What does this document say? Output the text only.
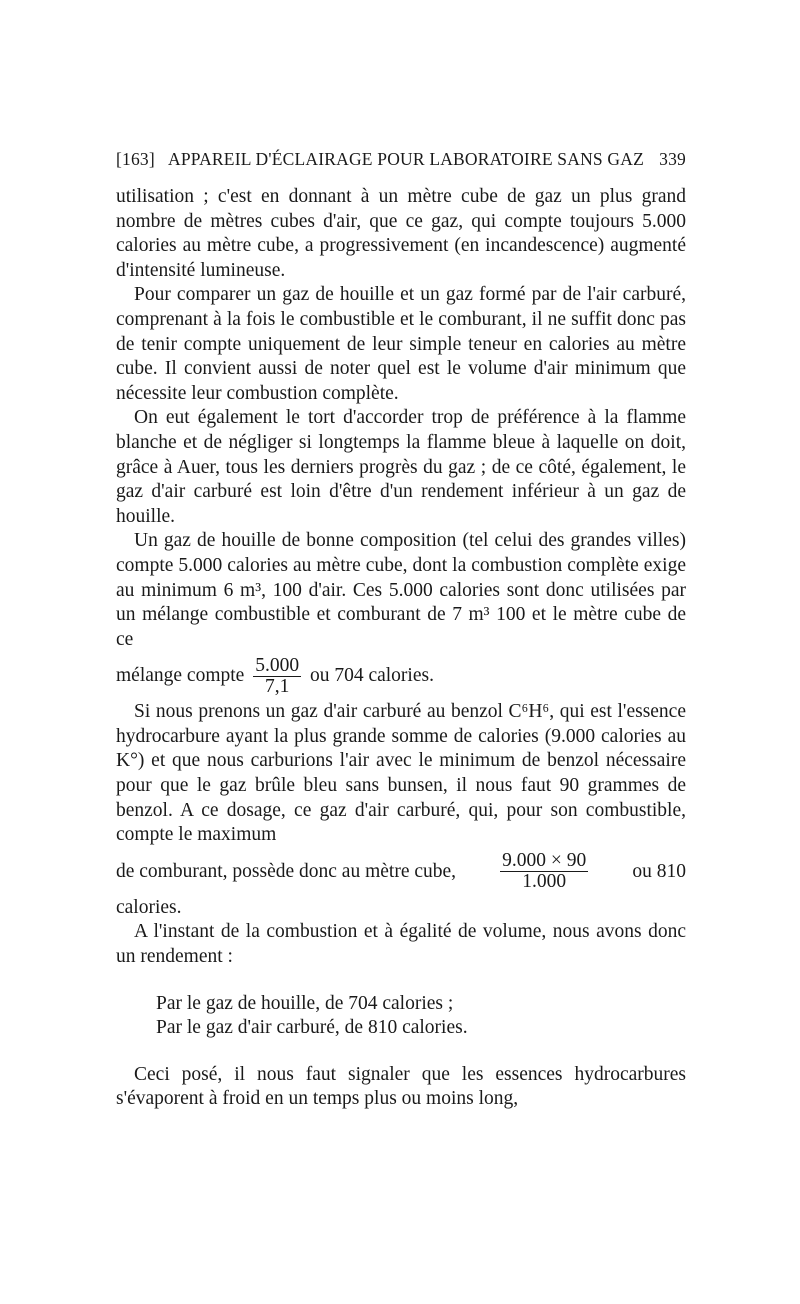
[163] APPAREIL D'ÉCLAIRAGE POUR LABORATOIRE SANS GAZ 339

utilisation ; c'est en donnant à un mètre cube de gaz un plus grand nombre de mètres cubes d'air, que ce gaz, qui compte toujours 5.000 calories au mètre cube, a progressivement (en incandescence) augmenté d'intensité lumineuse.

Pour comparer un gaz de houille et un gaz formé par de l'air carburé, comprenant à la fois le combustible et le comburant, il ne suffit donc pas de tenir compte uniquement de leur simple teneur en calories au mètre cube. Il convient aussi de noter quel est le volume d'air minimum que nécessite leur combustion complète.

On eut également le tort d'accorder trop de préférence à la flamme blanche et de négliger si longtemps la flamme bleue à laquelle on doit, grâce à Auer, tous les derniers progrès du gaz ; de ce côté, également, le gaz d'air carburé est loin d'être d'un rendement inférieur à un gaz de houille.

Un gaz de houille de bonne composition (tel celui des grandes villes) compte 5.000 calories au mètre cube, dont la combustion complète exige au minimum 6 m³, 100 d'air. Ces 5.000 calories sont donc utilisées par un mélange combustible et comburant de 7 m³ 100 et le mètre cube de ce

mélange compte $\frac{5.000}{7,1}$ ou 704 calories.

Si nous prenons un gaz d'air carburé au benzol C⁶H⁶, qui est l'essence hydrocarbure ayant la plus grande somme de calories (9.000 calories au K°) et que nous carburions l'air avec le minimum de benzol nécessaire pour que le gaz brûle bleu sans bunsen, il nous faut 90 grammes de benzol. A ce dosage, ce gaz d'air carburé, qui, pour son combustible, compte le maximum

de comburant, possède donc au mètre cube, $\frac{9.000 \times 90}{1.000}$ ou 810

calories.

A l'instant de la combustion et à égalité de volume, nous avons donc un rendement :

Par le gaz de houille, de 704 calories ;
Par le gaz d'air carburé, de 810 calories.

Ceci posé, il nous faut signaler que les essences hydrocarbures s'évaporent à froid en un temps plus ou moins long,
